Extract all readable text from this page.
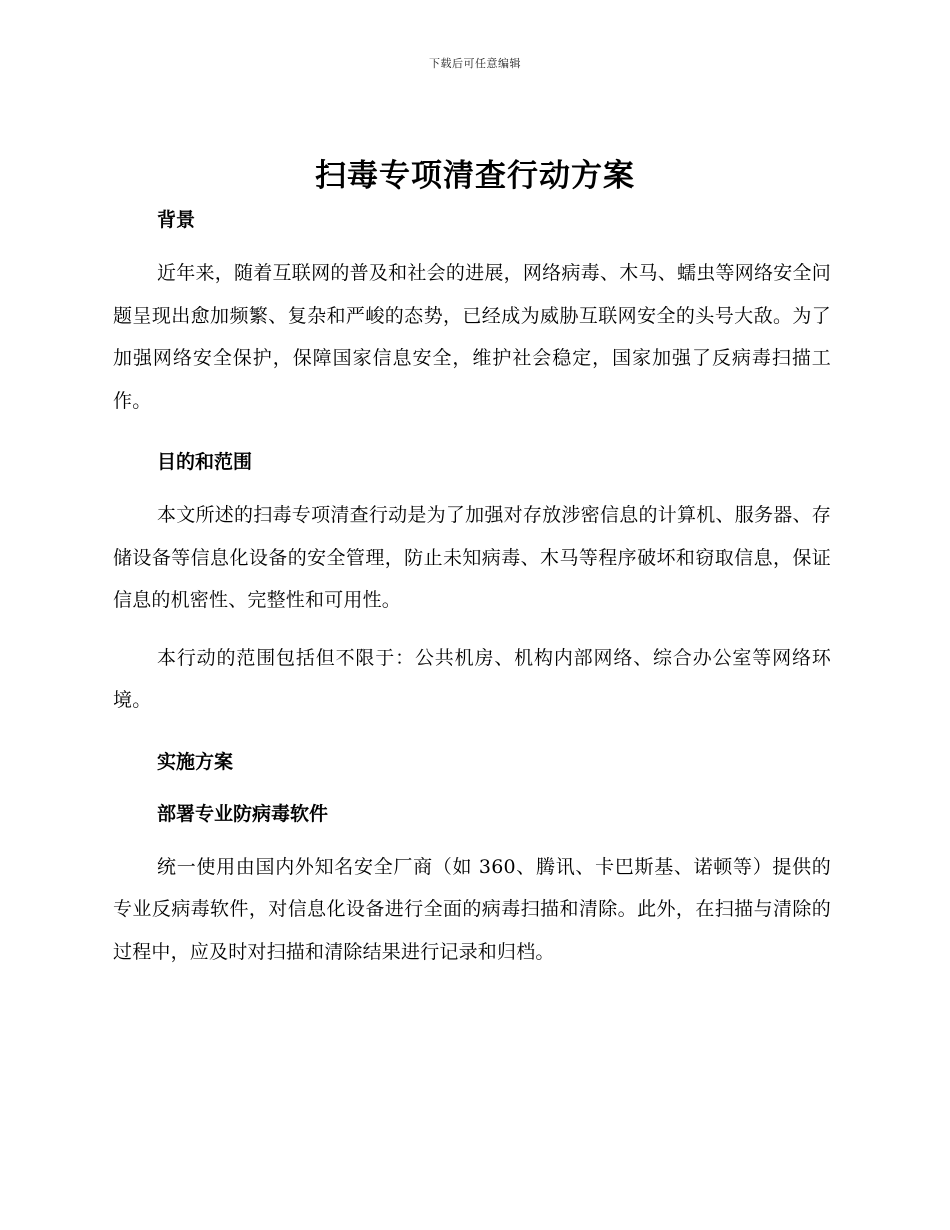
下载后可任意编辑
扫毒专项清查行动方案
背景

近年来，随着互联网的普及和社会的进展，网络病毒、木马、蠕虫等网络安全问题呈现出愈加频繁、复杂和严峻的态势，已经成为威胁互联网安全的头号大敌。为了加强网络安全保护，保障国家信息安全，维护社会稳定，国家加强了反病毒扫描工作。

目的和范围

本文所述的扫毒专项清查行动是为了加强对存放涉密信息的计算机、服务器、存储设备等信息化设备的安全管理，防止未知病毒、木马等程序破坏和窃取信息，保证信息的机密性、完整性和可用性。

本行动的范围包括但不限于：公共机房、机构内部网络、综合办公室等网络环境。

实施方案
部署专业防病毒软件

统一使用由国内外知名安全厂商（如 360、腾讯、卡巴斯基、诺顿等）提供的专业反病毒软件，对信息化设备进行全面的病毒扫描和清除。此外，在扫描与清除的过程中，应及时对扫描和清除结果进行记录和归档。
